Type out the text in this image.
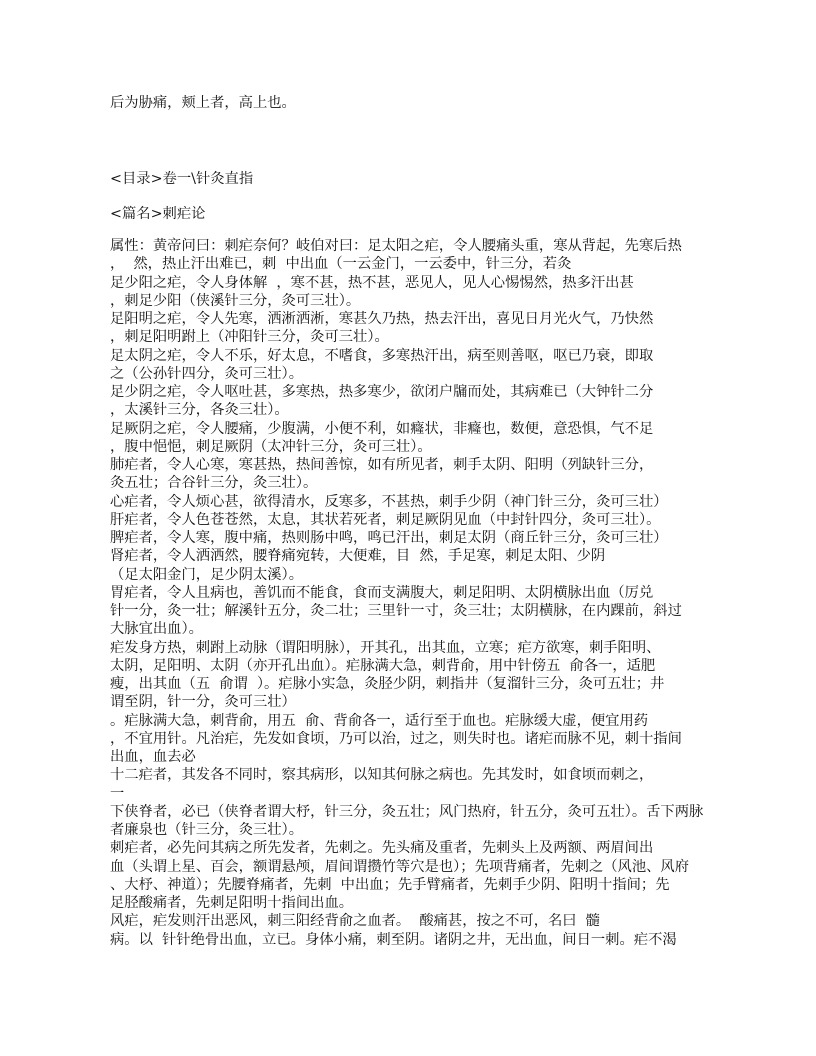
后为胁痛，颊上者，高上也。
<目录>卷一\针灸直指
<篇名>刺疟论
属性：黄帝问曰：刺疟奈何？岐伯对曰：足太阳之疟，令人腰痛头重，寒从背起，先寒后热
，  然，热止汗出难已，刺  中出血（一云金门，一云委中，针三分，若灸
足少阳之疟，令人身体解  ，寒不甚，热不甚，恶见人，见人心惕惕然，热多汗出甚
，刺足少阳（侠溪针三分，灸可三壮）。
足阳明之疟，令人先寒，洒淅洒淅，寒甚久乃热，热去汗出，喜见日月光火气，乃快然
，刺足阳明跗上（冲阳针三分，灸可三壮）。
足太阴之疟，令人不乐，好太息，不嗜食，多寒热汗出，病至则善呕，呕已乃衰，即取
之（公孙针四分，灸可三壮）。
足少阴之疟，令人呕吐甚，多寒热，热多寒少，欲闭户牖而处，其病难已（大钟针二分
，太溪针三分，各灸三壮）。
足厥阴之疟，令人腰痛，少腹满，小便不利，如癃状，非癃也，数便，意恐惧，气不足
，腹中悒悒，刺足厥阴（太冲针三分，灸可三壮）。
肺疟者，令人心寒，寒甚热，热间善惊，如有所见者，刺手太阴、阳明（列缺针三分，
灸五壮；合谷针三分，灸三壮）。
心疟者，令人烦心甚，欲得清水，反寒多，不甚热，刺手少阴（神门针三分，灸可三壮）
肝疟者，令人色苍苍然，太息，其状若死者，刺足厥阴见血（中封针四分，灸可三壮）。
脾疟者，令人寒，腹中痛，热则肠中鸣，鸣已汗出，刺足太阴（商丘针三分，灸可三壮）
肾疟者，令人洒洒然，腰脊痛宛转，大便难，目  然，手足寒，刺足太阳、少阴
（足太阳金门，足少阴太溪）。
胃疟者，令人且病也，善饥而不能食，食而支满腹大，刺足阳明、太阴横脉出血（厉兑
针一分，灸一壮；解溪针五分，灸二壮；三里针一寸，灸三壮；太阴横脉，在内踝前，斜过
大脉宜出血）。
疟发身方热，刺跗上动脉（谓阳明脉），开其孔，出其血，立寒；疟方欲寒，刺手阳明、
太阴，足阳明、太阴（亦开孔出血）。疟脉满大急，刺背俞，用中针傍五  俞各一，适肥
瘦，出其血（五  俞谓  ）。疟脉小实急，灸胫少阴，刺指井（复溜针三分，灸可五壮；井
谓至阴，针一分，灸可三壮）
。疟脉满大急，刺背俞，用五  俞、背俞各一，适行至于血也。疟脉缓大虚，便宜用药
，不宜用针。凡治疟，先发如食顷，乃可以治，过之，则失时也。诸疟而脉不见，刺十指间
出血，血去必
十二疟者，其发各不同时，察其病形，以知其何脉之病也。先其发时，如食顷而刺之，
一
下侠脊者，必已（侠脊者谓大杼，针三分，灸五壮；风门热府，针五分，灸可五壮）。舌下两脉
者廉泉也（针三分，灸三壮）。
刺疟者，必先问其病之所先发者，先刺之。先头痛及重者，先刺头上及两额、两眉间出
血（头谓上星、百会，额谓悬颅，眉间谓攒竹等穴是也）；先项背痛者，先刺之（风池、风府
、大杼、神道）；先腰脊痛者，先刺  中出血；先手臂痛者，先刺手少阴、阳明十指间；先
足胫酸痛者，先刺足阳明十指间出血。
风疟，疟发则汗出恶风，刺三阳经背俞之血者。  酸痛甚，按之不可，名曰  髓
病。以  针针绝骨出血，立已。身体小痛，刺至阴。诸阴之井，无出血，间日一刺。疟不渴
